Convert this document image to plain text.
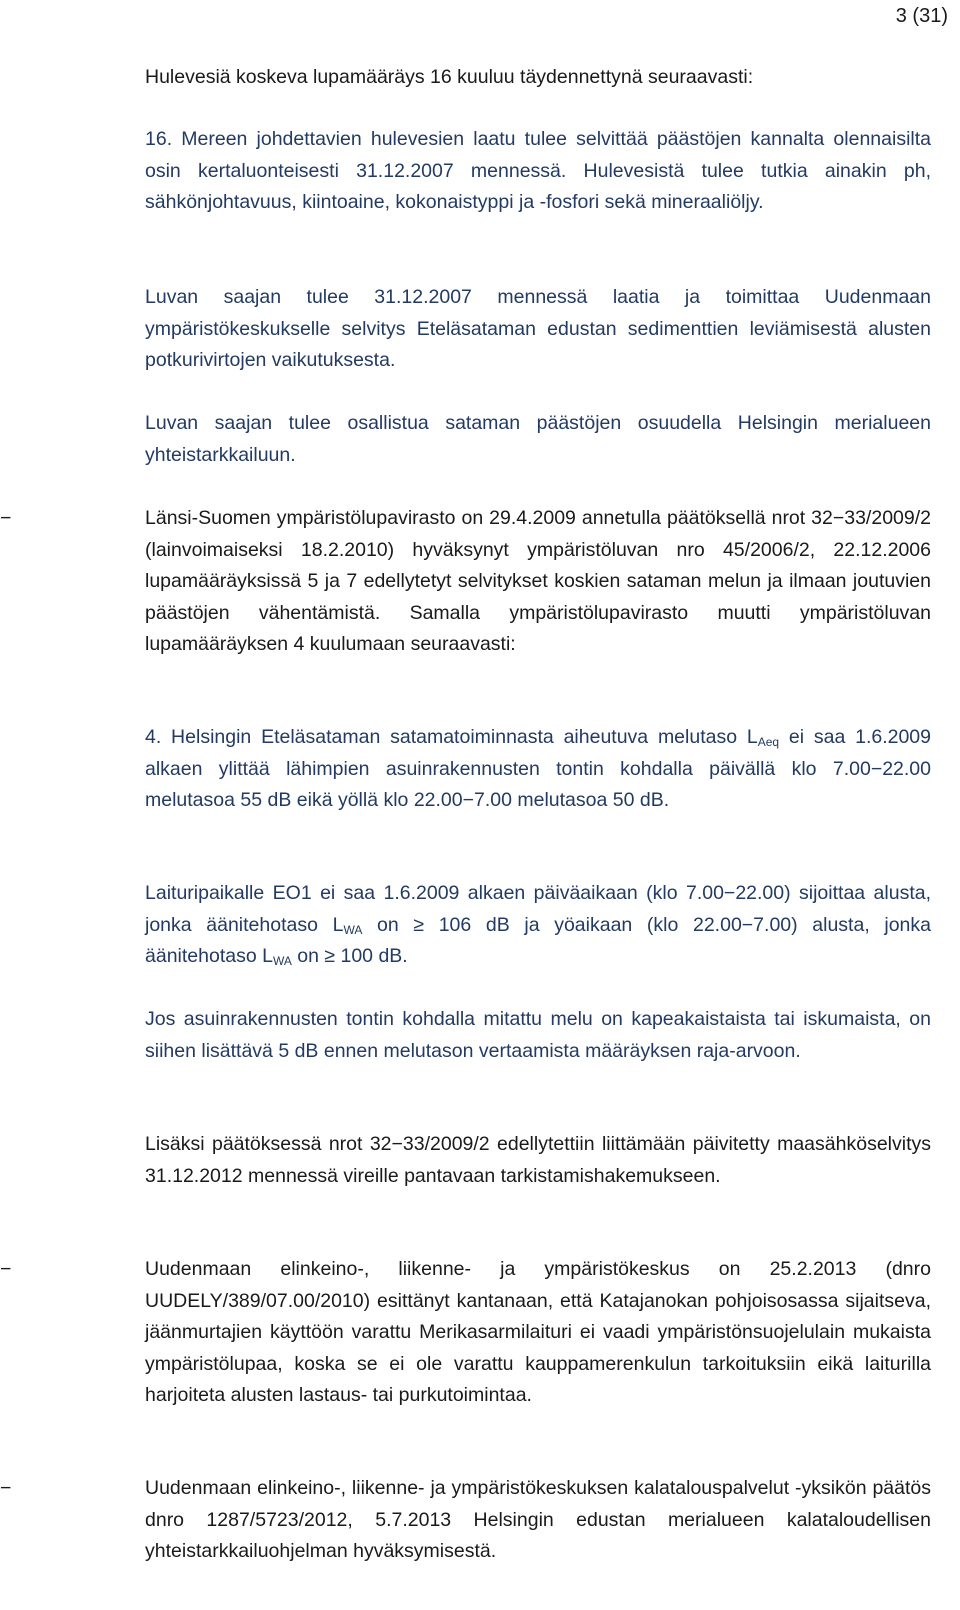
3 (31)

Hulevesiä koskeva lupamääräys 16 kuuluu täydennettynä seuraavasti:

16. Mereen johdettavien hulevesien laatu tulee selvittää päästöjen kannalta olennaisilta osin kertaluonteisesti 31.12.2007 mennessä. Hulevesistä tulee tutkia ainakin ph, sähkönjohtavuus, kiintoaine, kokonaistyppi ja -fosfori sekä mineraaliöljy.

Luvan saajan tulee 31.12.2007 mennessä laatia ja toimittaa Uudenmaan ympäristökeskukselle selvitys Eteläsataman edustan sedimenttien leviämisestä alusten potkurivirtojen vaikutuksesta.

Luvan saajan tulee osallistua sataman päästöjen osuudella Helsingin merialueen yhteistarkkailuun.

−	Länsi-Suomen ympäristölupavirasto on 29.4.2009 annetulla päätöksellä nrot 32−33/2009/2 (lainvoimaiseksi 18.2.2010) hyväksynyt ympäristöluvan nro 45/2006/2, 22.12.2006 lupamääräyksissä 5 ja 7 edellytetyt selvitykset koskien sataman melun ja ilmaan joutuvien päästöjen vähentämistä. Samalla ympäristölupavirasto muutti ympäristöluvan lupamääräyksen 4 kuulumaan seuraavasti:

4. Helsingin Eteläsataman satamatoiminnasta aiheutuva melutaso $L_{Aeq}$ ei saa 1.6.2009 alkaen ylittää lähimpien asuinrakennusten tontin kohdalla päivällä klo 7.00−22.00 melutasoa 55 dB eikä yöllä klo 22.00−7.00 melutasoa 50 dB.

Laituripaikalle EO1 ei saa 1.6.2009 alkaen päiväaikaan (klo 7.00−22.00) sijoittaa alusta, jonka äänitehotaso $L_{WA}$ on ≥ 106 dB ja yöaikaan (klo 22.00−7.00) alusta, jonka äänitehotaso $L_{WA}$ on ≥ 100 dB.

Jos asuinrakennusten tontin kohdalla mitattu melu on kapeakaistaista tai iskumaista, on siihen lisättävä 5 dB ennen melutason vertaamista määräyksen raja-arvoon.

Lisäksi päätöksessä nrot 32−33/2009/2 edellytettiin liittämään päivitetty maasähköselvitys 31.12.2012 mennessä vireille pantavaan tarkistamishakemukseen.

−	Uudenmaan elinkeino-, liikenne- ja ympäristökeskus on 25.2.2013 (dnro UUDELY/389/07.00/2010) esittänyt kantanaan, että Katajanokan pohjoisosassa sijaitseva, jäänmurtajien käyttöön varattu Merikasarmilaituri ei vaadi ympäristönsuojelulain mukaista ympäristölupaa, koska se ei ole varattu kauppamerenkulun tarkoituksiin eikä laiturilla harjoiteta alusten lastaus- tai purkutoimintaa.

−	Uudenmaan elinkeino-, liikenne- ja ympäristökeskuksen kalatalouspalvelut -yksikön päätös dnro 1287/5723/2012, 5.7.2013 Helsingin edustan merialueen kalataloudellisen yhteistarkkailuohjelman hyväksymisestä.
